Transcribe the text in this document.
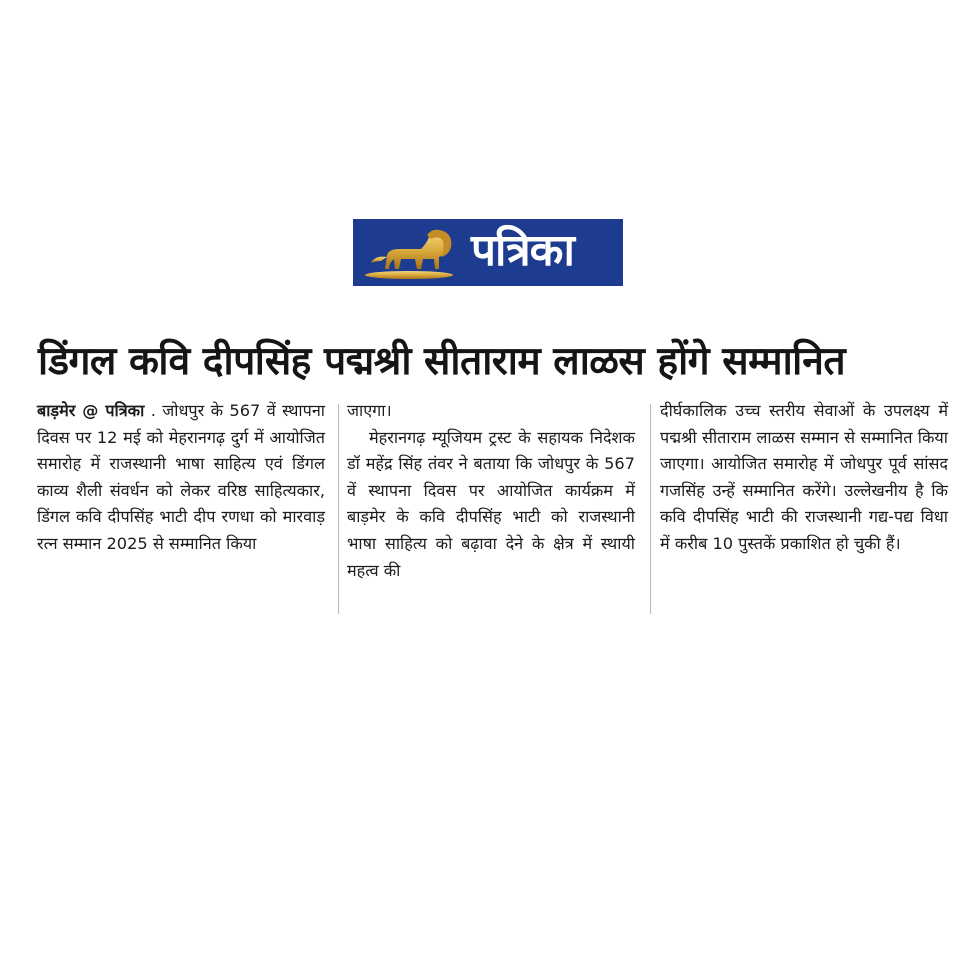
पत्रिका
डिंगल कवि दीपसिंह पद्मश्री सीताराम लाळस होंगे सम्मानित

बाड़मेर @ पत्रिका . जोधपुर के 567 वें स्थापना दिवस पर 12 मई को मेहरानगढ़ दुर्ग में आयोजित समारोह में राजस्थानी भाषा साहित्य एवं डिंगल काव्य शैली संवर्धन को लेकर वरिष्ठ साहित्यकार, डिंगल कवि दीपसिंह भाटी दीप रणधा को मारवाड़ रत्न सम्मान 2025 से सम्मानित किया

जाएगा।

मेहरानगढ़ म्यूजियम ट्रस्ट के सहायक निदेशक डॉ महेंद्र सिंह तंवर ने बताया कि जोधपुर के 567 वें स्थापना दिवस पर आयोजित कार्यक्रम में बाड़मेर के कवि दीपसिंह भाटी को राजस्थानी भाषा साहित्य को बढ़ावा देने के क्षेत्र में स्थायी महत्व की

दीर्घकालिक उच्च स्तरीय सेवाओं के उपलक्ष्य में पद्मश्री सीताराम लाळस सम्मान से सम्मानित किया जाएगा। आयोजित समारोह में जोधपुर पूर्व सांसद गजसिंह उन्हें सम्मानित करेंगे। उल्लेखनीय है कि कवि दीपसिंह भाटी की राजस्थानी गद्य-पद्य विधा में करीब 10 पुस्तकें प्रकाशित हो चुकी हैं।
